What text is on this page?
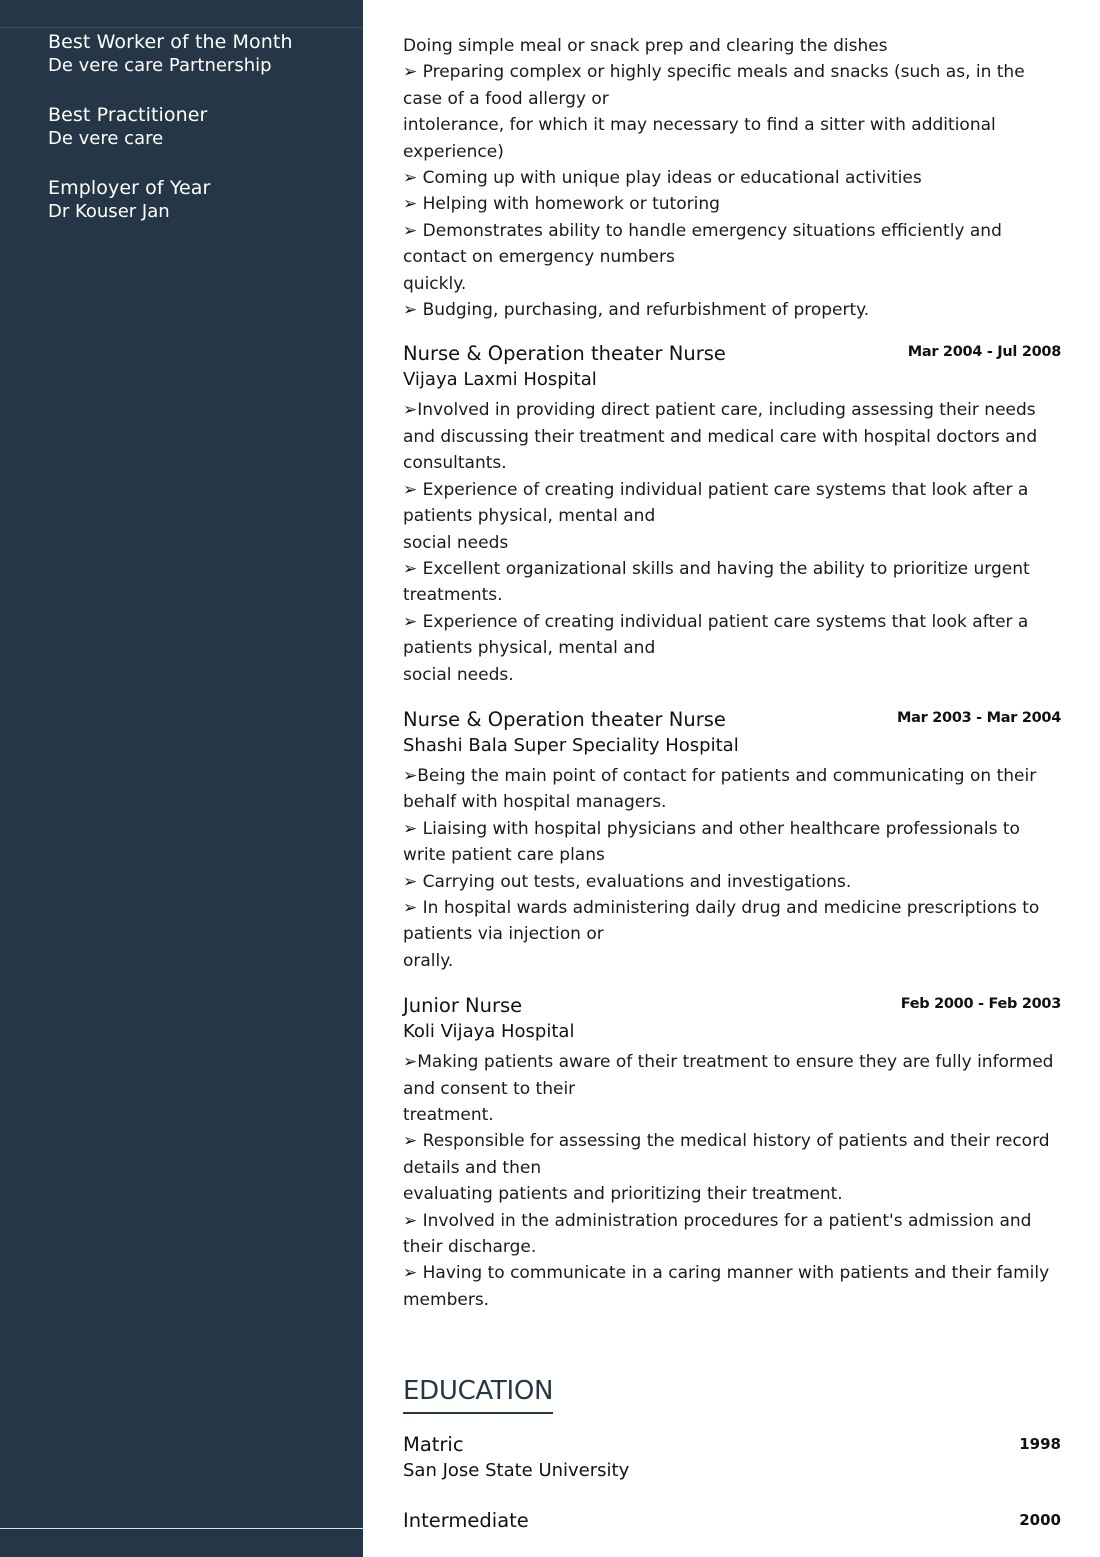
Best Worker of the Month
De vere care Partnership
Best Practitioner
De vere care
Employer of Year
Dr Kouser Jan
Doing simple meal or snack prep and clearing the dishes
➢ Preparing complex or highly specific meals and snacks (such as, in the
case of a food allergy or
intolerance, for which it may necessary to find a sitter with additional
experience)
➢ Coming up with unique play ideas or educational activities
➢ Helping with homework or tutoring
➢ Demonstrates ability to handle emergency situations efficiently and
contact on emergency numbers
quickly.
➢ Budging, purchasing, and refurbishment of property.
Nurse & Operation theater Nurse	Mar 2004 - Jul 2008
Vijaya Laxmi Hospital
➢Involved in providing direct patient care, including assessing their needs
and discussing their treatment and medical care with hospital doctors and
consultants.
➢ Experience of creating individual patient care systems that look after a
patients physical, mental and
social needs
➢ Excellent organizational skills and having the ability to prioritize urgent
treatments.
➢ Experience of creating individual patient care systems that look after a
patients physical, mental and
social needs.
Nurse & Operation theater Nurse	Mar 2003 - Mar 2004
Shashi Bala Super Speciality Hospital
➢Being the main point of contact for patients and communicating on their
behalf with hospital managers.
➢ Liaising with hospital physicians and other healthcare professionals to
write patient care plans
➢ Carrying out tests, evaluations and investigations.
➢ In hospital wards administering daily drug and medicine prescriptions to
patients via injection or
orally.
Junior Nurse	Feb 2000 - Feb 2003
Koli Vijaya Hospital
➢Making patients aware of their treatment to ensure they are fully informed
and consent to their
treatment.
➢ Responsible for assessing the medical history of patients and their record
details and then
evaluating patients and prioritizing their treatment.
➢ Involved in the administration procedures for a patient's admission and
their discharge.
➢ Having to communicate in a caring manner with patients and their family
members.
EDUCATION
Matric	1998
San Jose State University
Intermediate	2000
